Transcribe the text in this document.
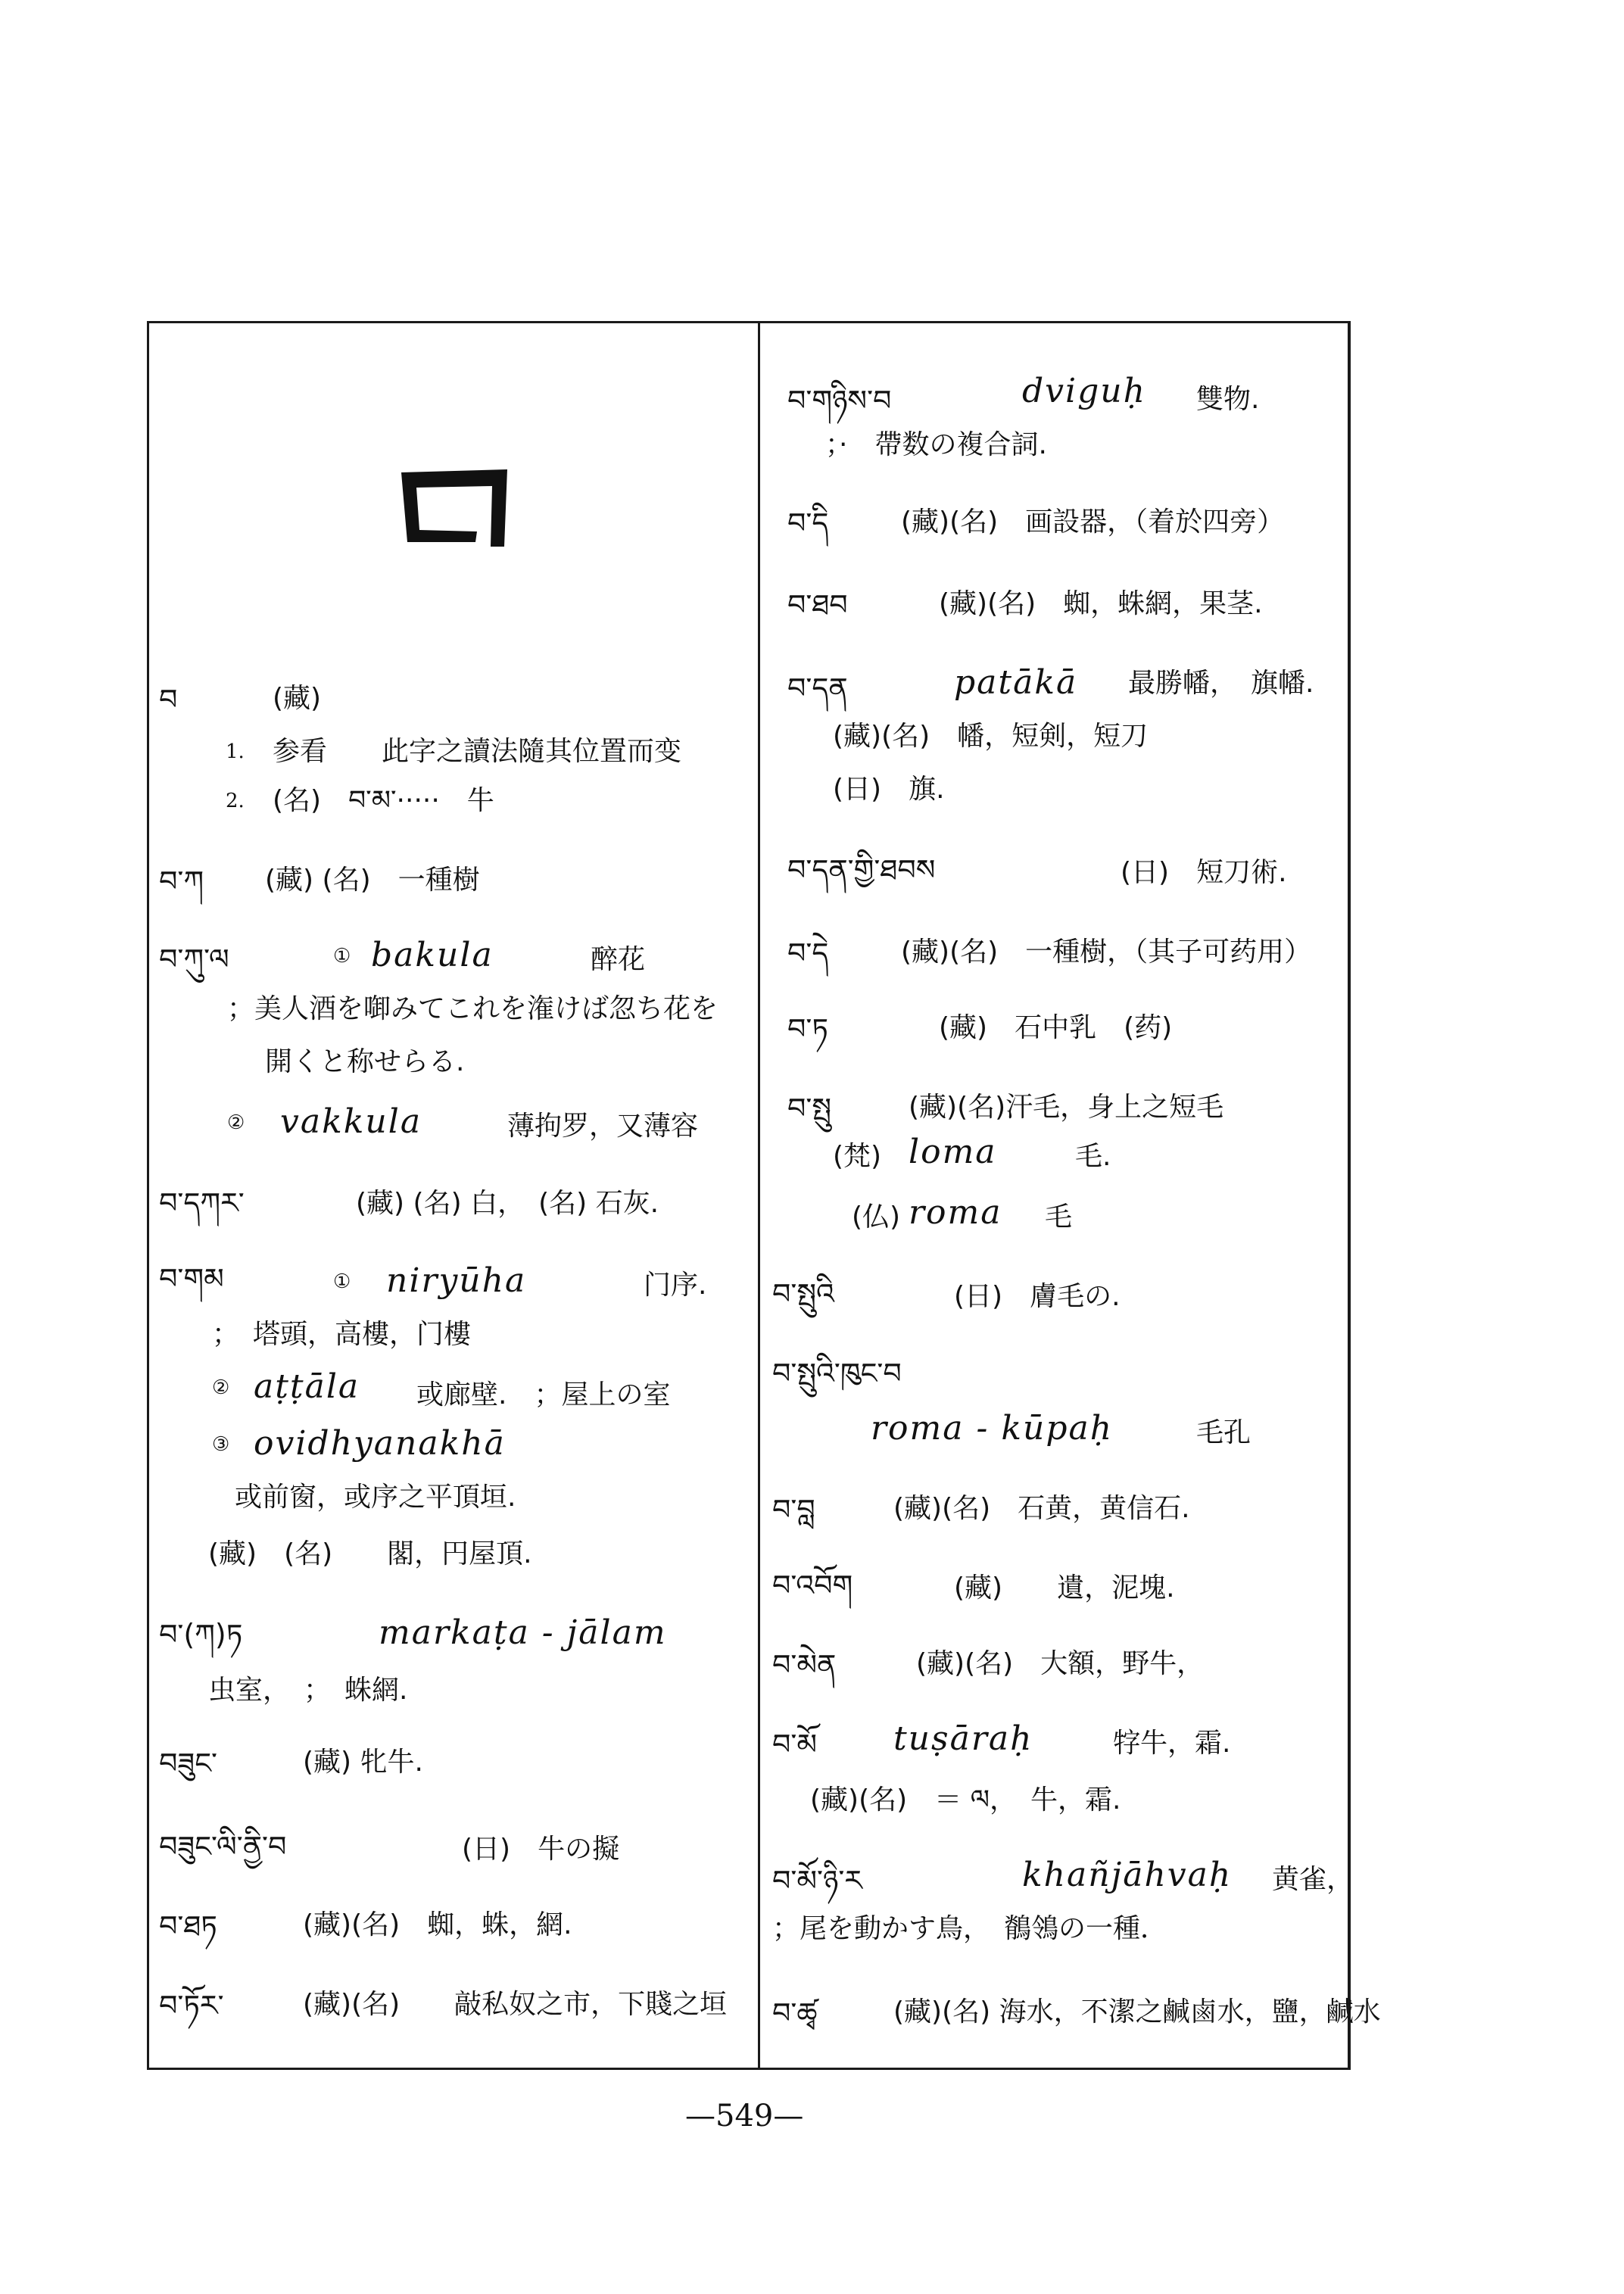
བ	(藏)
1. 参看　　此字之讀法隨其位置而变
2. (名)　བ་མ་·····　牛
བ་ཀ (藏) (名)　一種樹
བ་ཀུ་ལ	① bakula	醉花
；美人酒を啣みてこれを潅けば忽ち花を
開くと称せらる.
② vakkula	薄拘罗，又薄容
བ་དཀར་	(藏) (名) 白，　(名) 石灰.
བ་གམ	① niryūha	门序.
；　塔頭，高樓，门樓
② aṭṭāla 或廊壁.　；屋上の室
③ ovidhyanakhā
或前窗，或序之平頂垣.
(藏)　(名)　　閣，円屋頂.
བ་(ཀ)ཏ	markaṭa - jālam
虫室，　；　蛛網.
བཟུང་	(藏) 牝牛.
བཟུང་ལི་ནྱི་བ	(日)　牛の擬
བ་ཐཏ	(藏)(名)　蜘，蛛，網.
བ་ཏོར་	(藏)(名)　　敲私奴之市，下賤之垣
བ་གཉིས་བ	dviguḥ 雙物.
；·　帶数の複合詞.
བ་དི	(藏)(名)　画設器，（着於四旁）
བ་ཐབ	(藏)(名)　蜘，蛛網，果茎.
བ་དན	patākā 最勝幡，　旗幡.
(藏)(名)　幡，短剣，短刀
(日)　旗.
བ་དན་གྱི་ཐབས	(日)　短刀術.
བ་དེ	(藏)(名)　一種樹，（其子可药用）
བ་ཏ	(藏)　石中乳　(药)
བ་སྤུ	(藏)(名)汗毛，身上之短毛
(梵) loma	毛.
(仏) roma 毛
བ་སྤུའི	(日)　膚毛の.
བ་སྤུའི་ཁུང་བ
roma - kūpaḥ	毛孔
བ་བླ	(藏)(名)　石黄，黄信石.
བ་འབོག	(藏)　　遺，泥塊.
བ་མེན	(藏)(名)　大額，野牛，
བ་མོ tuṣāraḥ	牸牛，霜.
(藏)(名)　＝ ལ，　牛，霜.
བ་མོ་ཉི་ར	khañjāhvaḥ 黄雀，
；尾を動かす鳥，　鶺鴒の一種．
བ་ཚྭ	(藏)(名) 海水，不潔之鹹鹵水，鹽，鹹水
—549—
